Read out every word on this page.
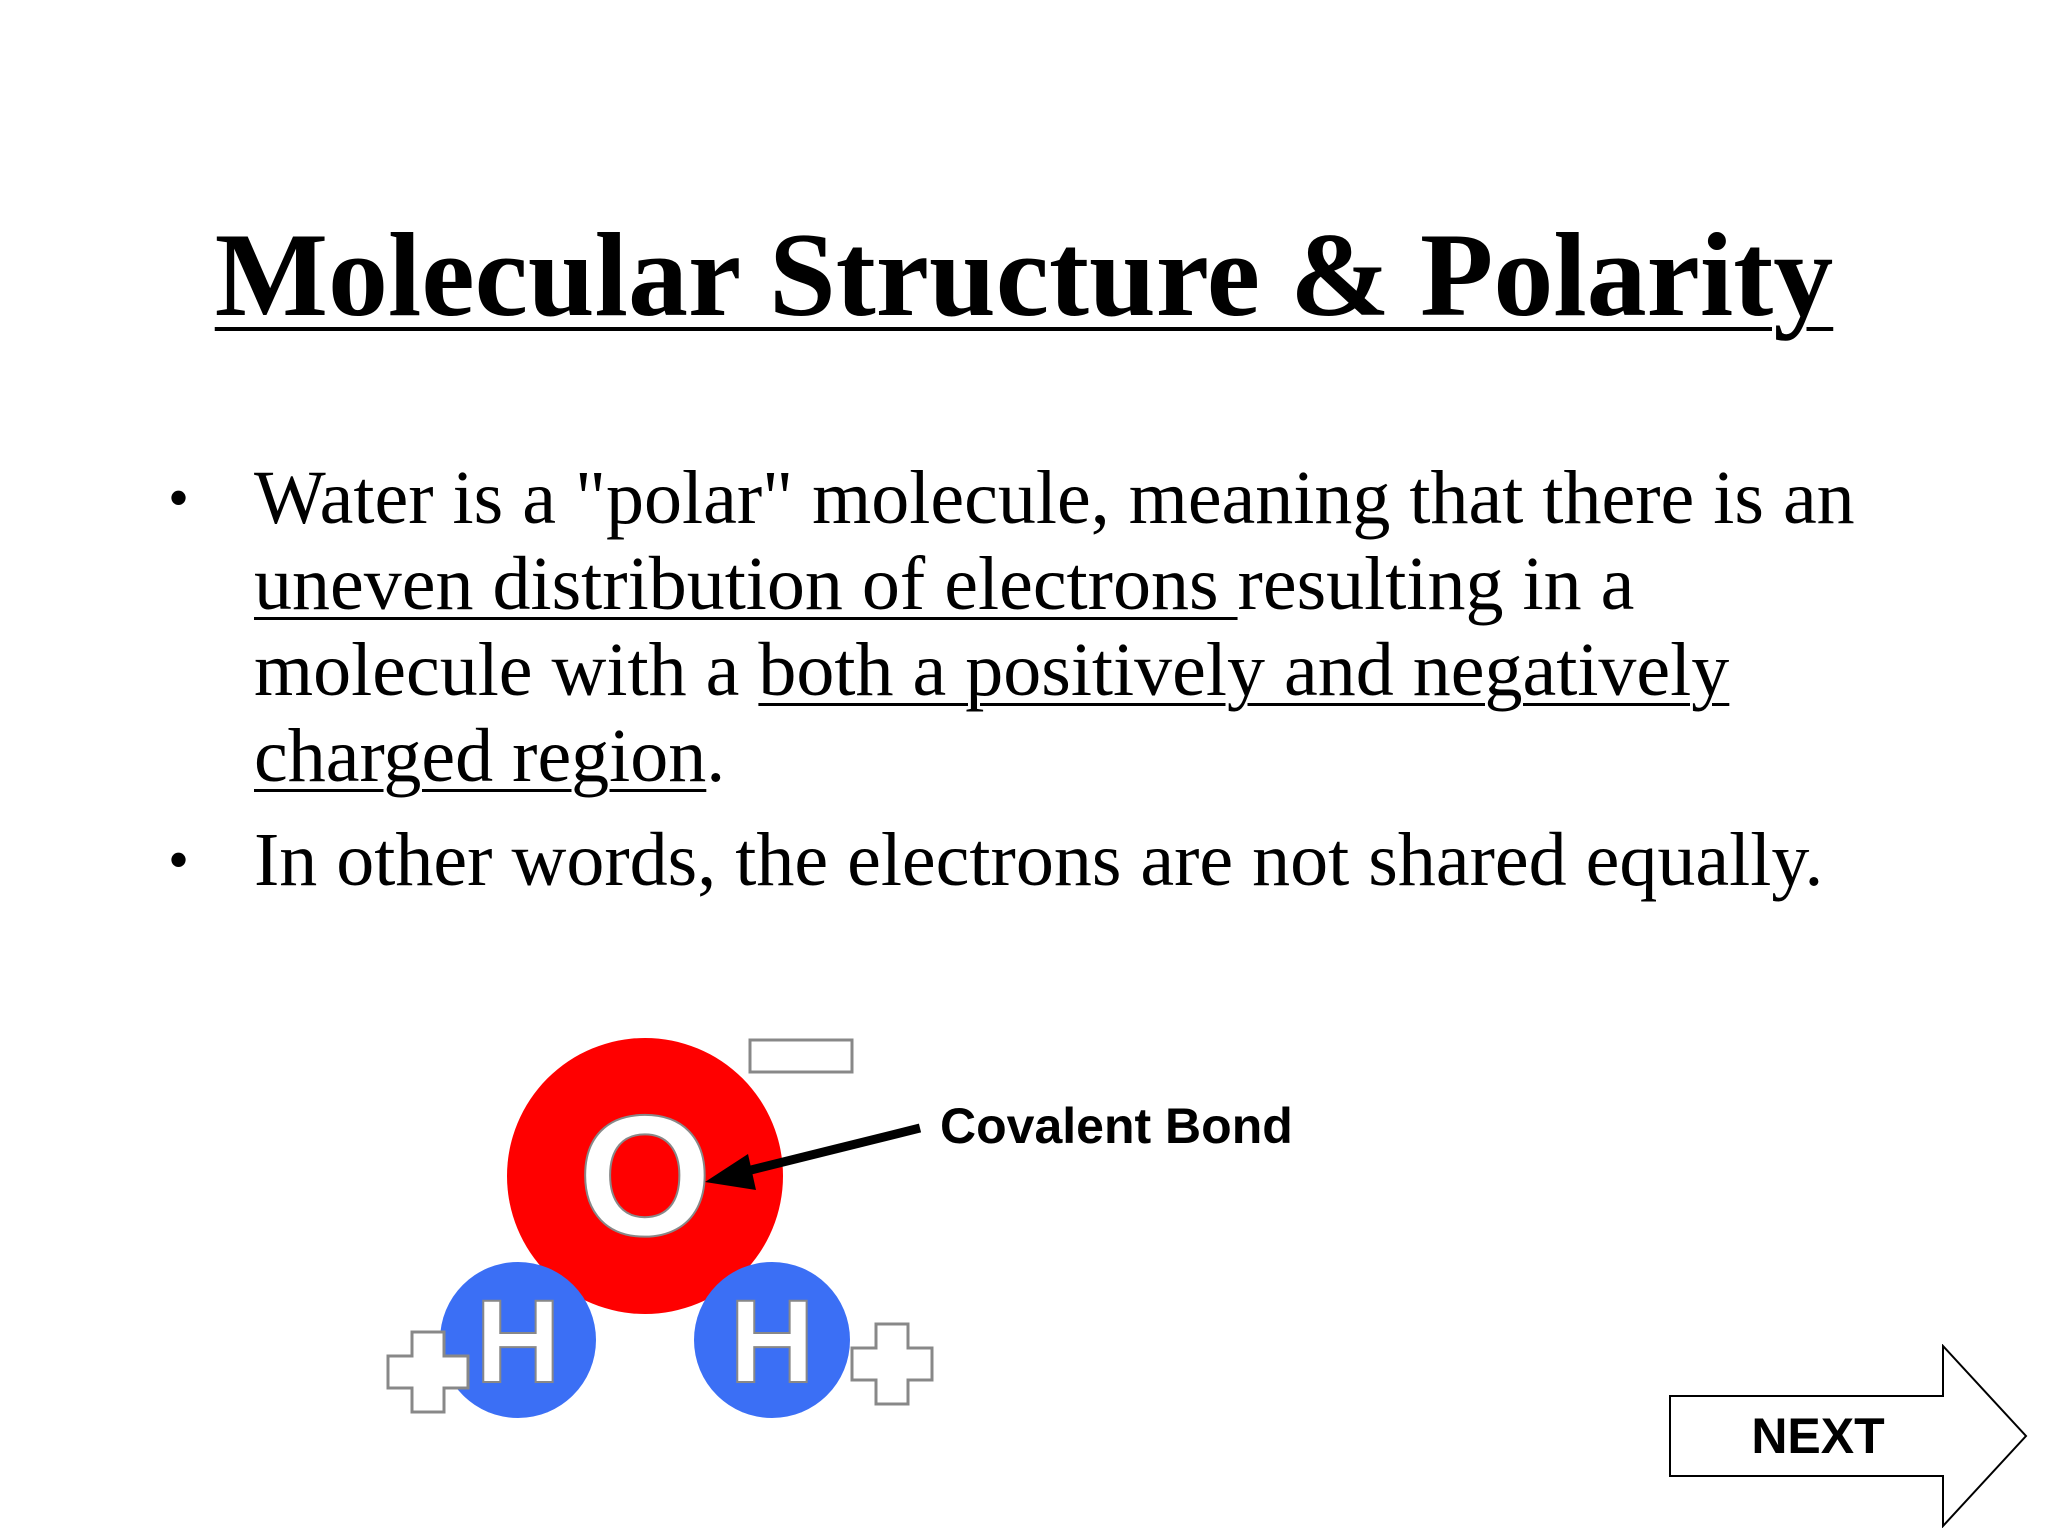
Molecular Structure & Polarity
• Water is a "polar" molecule, meaning that there is an uneven distribution of electrons resulting in a molecule with a both a positively and negatively charged region.
• In other words, the electrons are not shared equally.
O
H H
Covalent Bond
NEXT
